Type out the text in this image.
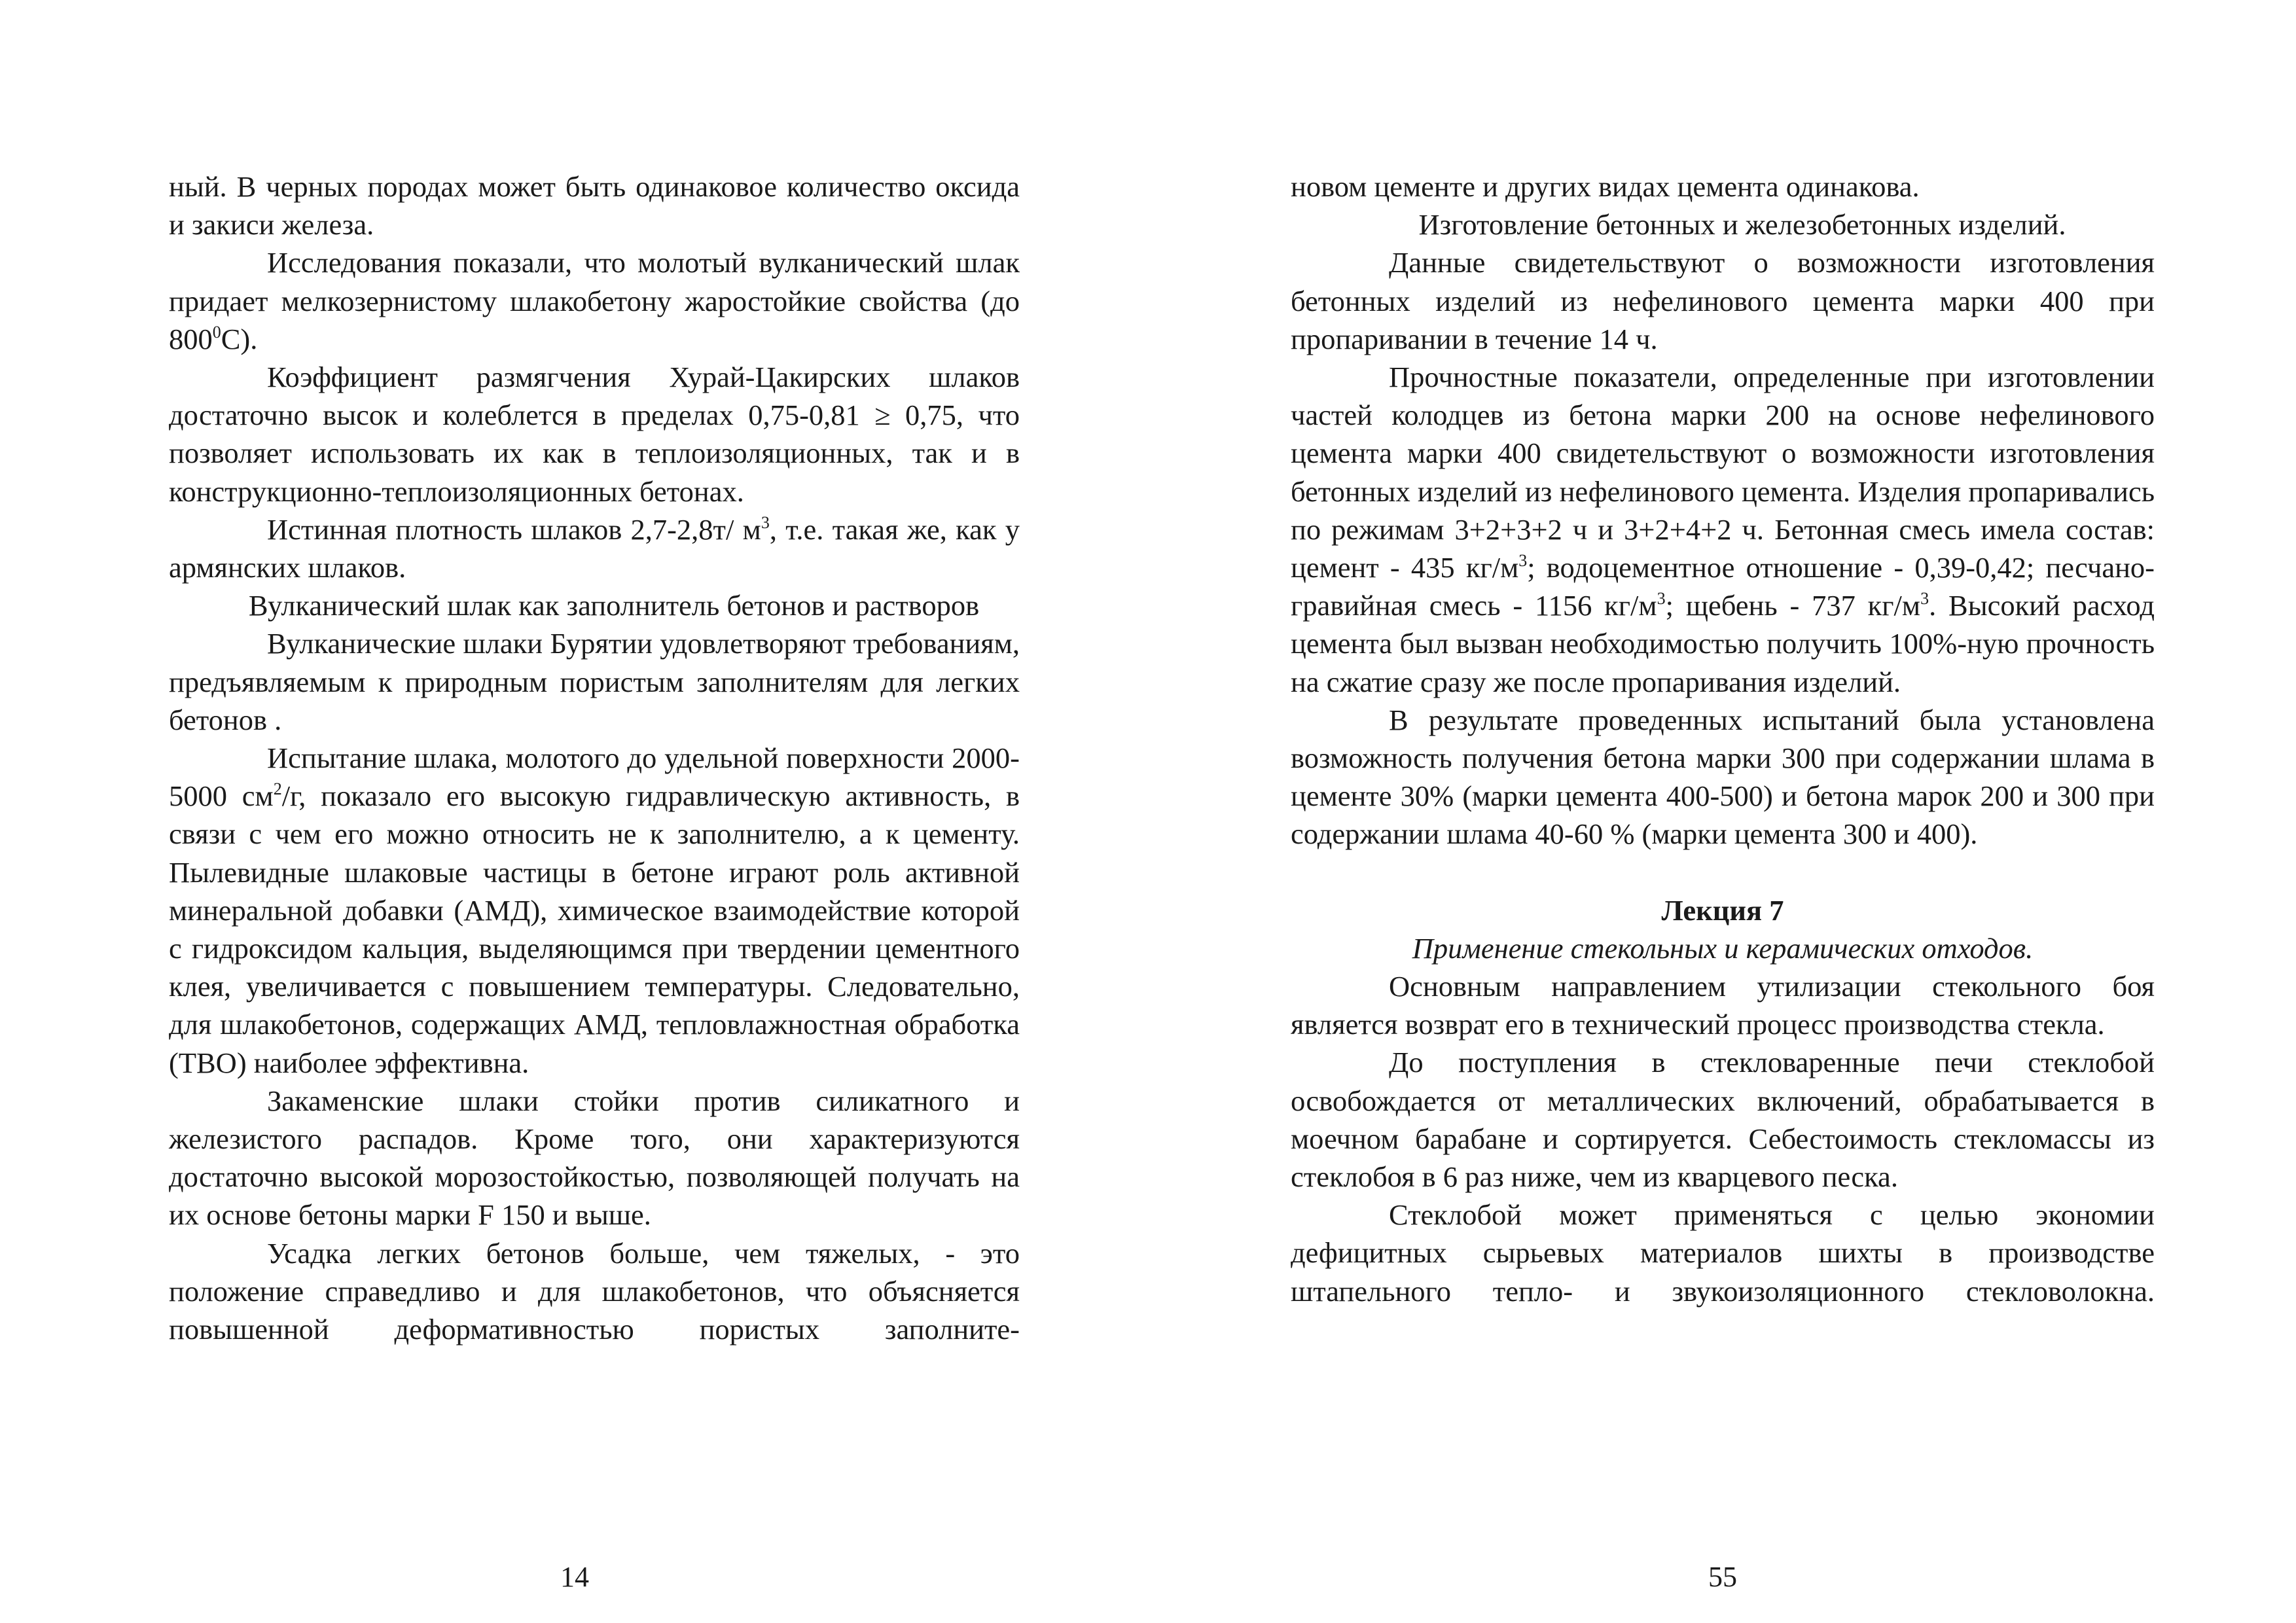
ный. В черных породах может быть одинаковое количество оксида и закиси железа.

Исследования показали, что молотый вулканический шлак придает мелкозернистому шлакобетону жаростойкие свойства (до $800^0С$).

Коэффициент размягчения Хурай-Цакирских шлаков достаточно высок и колеблется в пределах 0,75-0,81 ≥ 0,75, что позволяет использовать их как в теплоизоляционных, так и в конструкционно-теплоизоляционных бетонах.

Истинная плотность шлаков 2,7-2,8т/ $м^3$, т.е. такая же, как у армянских шлаков.

Вулканический шлак как заполнитель бетонов и растворов

Вулканические шлаки Бурятии удовлетворяют требованиям, предъявляемым к природным пористым заполнителям для легких бетонов .

Испытание шлака, молотого до удельной поверхности 2000-5000 $см^2/г$, показало его высокую гидравлическую активность, в связи с чем его можно относить не к заполнителю, а к цементу. Пылевидные шлаковые частицы в бетоне играют роль активной минеральной добавки (АМД), химическое взаимодействие которой с гидроксидом кальция, выделяющимся при твердении цементного клея, увеличивается с повышением температуры. Следовательно, для шлакобетонов, содержащих АМД, тепловлажностная обработка (ТВО) наиболее эффективна.

Закаменские шлаки стойки против силикатного и железистого распадов. Кроме того, они характеризуются достаточно высокой морозостойкостью, позволяющей получать на их основе бетоны марки F 150 и выше.

Усадка легких бетонов больше, чем тяжелых, - это положение справедливо и для шлакобетонов, что объясняется повышенной деформативностью пористых заполните-

14

новом цементе и других видах цемента одинакова.

Изготовление бетонных и железобетонных изделий.

Данные свидетельствуют о возможности изготовления бетонных изделий из нефелинового цемента марки 400 при пропаривании в течение 14 ч.

Прочностные показатели, определенные при изготовлении частей колодцев из бетона марки 200 на основе нефелинового цемента марки 400 свидетельствуют о возможности изготовления бетонных изделий из нефелинового цемента. Изделия пропаривались по режимам 3+2+3+2 ч и 3+2+4+2 ч. Бетонная смесь имела состав: цемент - 435 $кг/м^3$; водоцементное отношение - 0,39-0,42; песчано-гравийная смесь - 1156 $кг/м^3$; щебень - 737 $кг/м^3$. Высокий расход цемента был вызван необходимостью получить 100%-ную прочность на сжатие сразу же после пропаривания изделий.

В результате проведенных испытаний была установлена возможность получения бетона марки 300 при содержании шлама в цементе 30% (марки цемента 400-500) и бетона марок 200 и 300 при содержании шлама 40-60 % (марки цемента 300 и 400).

Лекция 7

Применение стекольных и керамических отходов.

Основным направлением утилизации стекольного боя является возврат его в технический процесс производства стекла.

До поступления в стекловаренные печи стеклобой освобождается от металлических включений, обрабатывается в моечном барабане и сортируется. Себестоимость стекломассы из стеклобоя в 6 раз ниже, чем из кварцевого песка.

Стеклобой может применяться с целью экономии дефицитных сырьевых материалов шихты в производстве штапельного тепло- и звукоизоляционного стекловолокна.

55
